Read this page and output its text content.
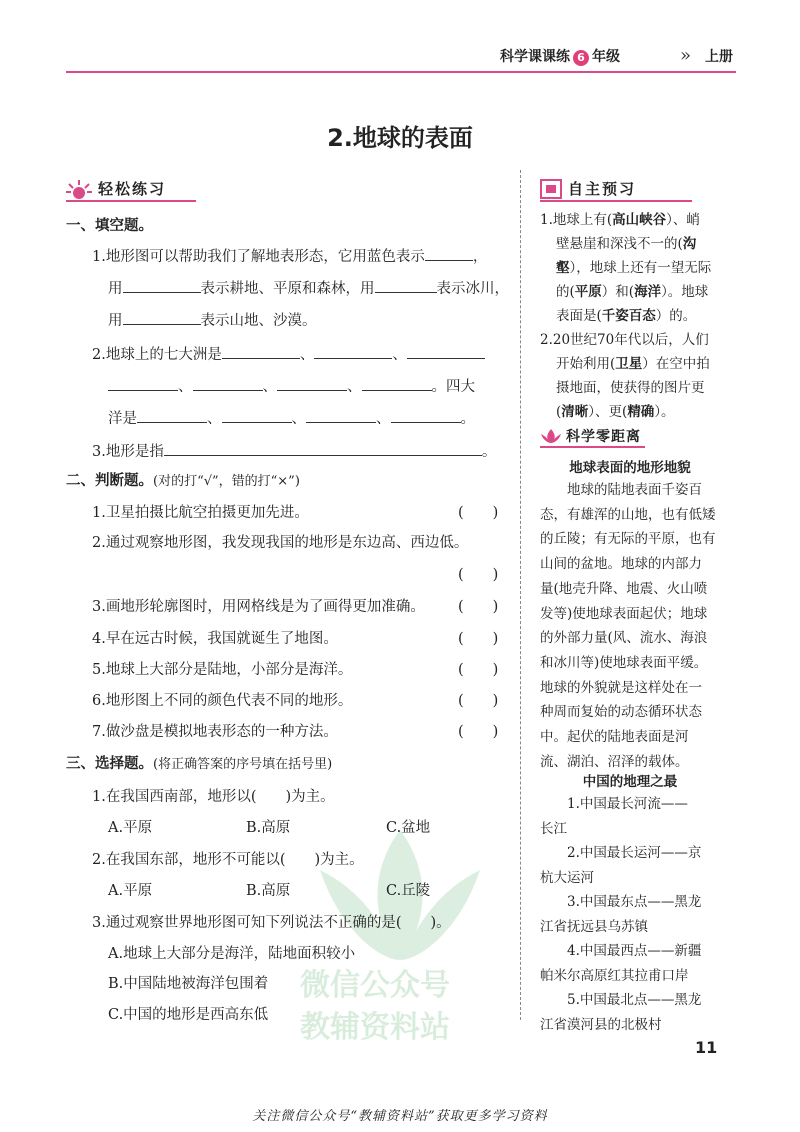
科学课课练 6 年级	» 上册
2.地球的表面
轻松练习
一、填空题。
1.地形图可以帮助我们了解地表形态，它用蓝色表示	，
用	表示耕地、平原和森林，用	表示冰川，
用	表示山地、沙漠。
2.地球上的七大洲是	、	、
、	、	、	。四大
洋是	、	、	、	。
3.地形是指	。
二、判断题。(对的打“√”，错的打“×”)
1.卫星拍摄比航空拍摄更加先进。	(　　)
2.通过观察地形图，我发现我国的地形是东边高、西边低。
(　　)
3.画地形轮廓图时，用网格线是为了画得更加准确。 (　　)
4.早在远古时候，我国就诞生了地图。	(　　)
5.地球上大部分是陆地，小部分是海洋。	(　　)
6.地形图上不同的颜色代表不同的地形。	(　　)
7.做沙盘是模拟地表形态的一种方法。	(　　)
微信公众号
教辅资料站
三、选择题。(将正确答案的序号填在括号里)
1.在我国西南部，地形以(　　)为主。
A.平原	B.高原	C.盆地
2.在我国东部，地形不可能以(　　)为主。
A.平原	B.高原	C.丘陵
3.通过观察世界地形图可知下列说法不正确的是(　　)。
A.地球上大部分是海洋，陆地面积较小
B.中国陆地被海洋包围着
C.中国的地形是西高东低
自主预习
1.地球上有(高山峡谷）、峭
壁悬崖和深浅不一的(沟
壑），地球上还有一望无际
的(平原）和(海洋）。地球
表面是(千姿百态）的。
2.20世纪70年代以后，人们
开始利用(卫星）在空中拍
摄地面，使获得的图片更
(清晰）、更(精确）。
科学零距离
地球表面的地形地貌
　　地球的陆地表面千姿百
态，有雄浑的山地，也有低矮
的丘陵；有无际的平原，也有
山间的盆地。地球的内部力
量(地壳升降、地震、火山喷
发等)使地球表面起伏；地球
的外部力量(风、流水、海浪
和冰川等)使地球表面平缓。
地球的外貌就是这样处在一
种周而复始的动态循环状态
中。起伏的陆地表面是河
流、湖泊、沼泽的载体。
中国的地理之最
　　1.中国最长河流——
长江
　　2.中国最长运河——京
杭大运河
　　3.中国最东点——黑龙
江省抚远县乌苏镇
　　4.中国最西点——新疆
帕米尔高原红其拉甫口岸
　　5.中国最北点——黑龙
江省漠河县的北极村
11
关注微信公众号“教辅资料站”获取更多学习资料
